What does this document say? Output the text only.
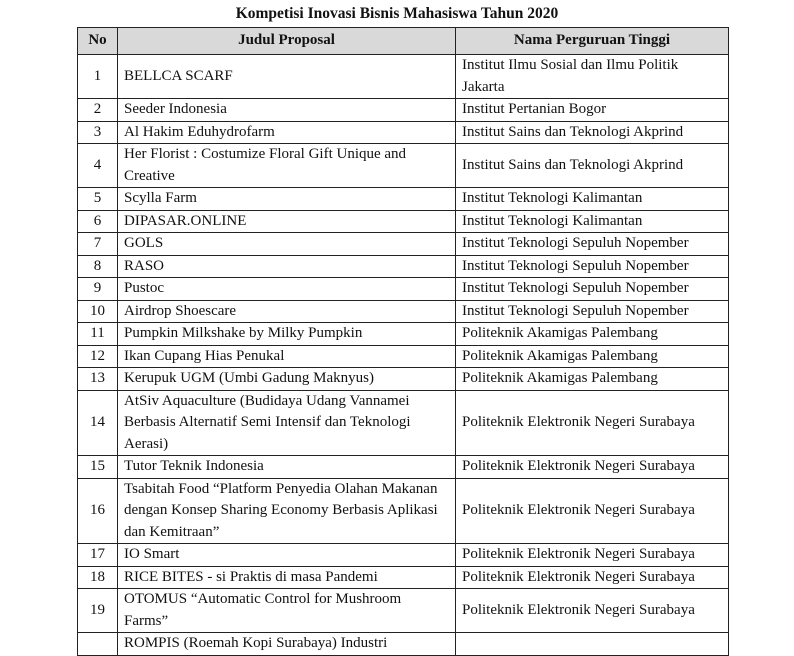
Kompetisi Inovasi Bisnis Mahasiswa Tahun 2020
No	Judul Proposal	Nama Perguruan Tinggi
1	BELLCA SCARF	Institut Ilmu Sosial dan Ilmu Politik Jakarta
2	Seeder Indonesia	Institut Pertanian Bogor
3	Al Hakim Eduhydrofarm	Institut Sains dan Teknologi Akprind
4	Her Florist : Costumize Floral Gift Unique and Creative	Institut Sains dan Teknologi Akprind
5	Scylla Farm	Institut Teknologi Kalimantan
6	DIPASAR.ONLINE	Institut Teknologi Kalimantan
7	GOLS	Institut Teknologi Sepuluh Nopember
8	RASO	Institut Teknologi Sepuluh Nopember
9	Pustoc	Institut Teknologi Sepuluh Nopember
10	Airdrop Shoescare	Institut Teknologi Sepuluh Nopember
11	Pumpkin Milkshake by Milky Pumpkin	Politeknik Akamigas Palembang
12	Ikan Cupang Hias Penukal	Politeknik Akamigas Palembang
13	Kerupuk UGM (Umbi Gadung Maknyus)	Politeknik Akamigas Palembang
14	AtSiv Aquaculture (Budidaya Udang Vannamei Berbasis Alternatif Semi Intensif dan Teknologi Aerasi)	Politeknik Elektronik Negeri Surabaya
15	Tutor Teknik Indonesia	Politeknik Elektronik Negeri Surabaya
16	Tsabitah Food “Platform Penyedia Olahan Makanan dengan Konsep Sharing Economy Berbasis Aplikasi dan Kemitraan”	Politeknik Elektronik Negeri Surabaya
17	IO Smart	Politeknik Elektronik Negeri Surabaya
18	RICE BITES - si Praktis di masa Pandemi	Politeknik Elektronik Negeri Surabaya
19	OTOMUS “Automatic Control for Mushroom Farms”	Politeknik Elektronik Negeri Surabaya
	ROMPIS (Roemah Kopi Surabaya) Industri	
